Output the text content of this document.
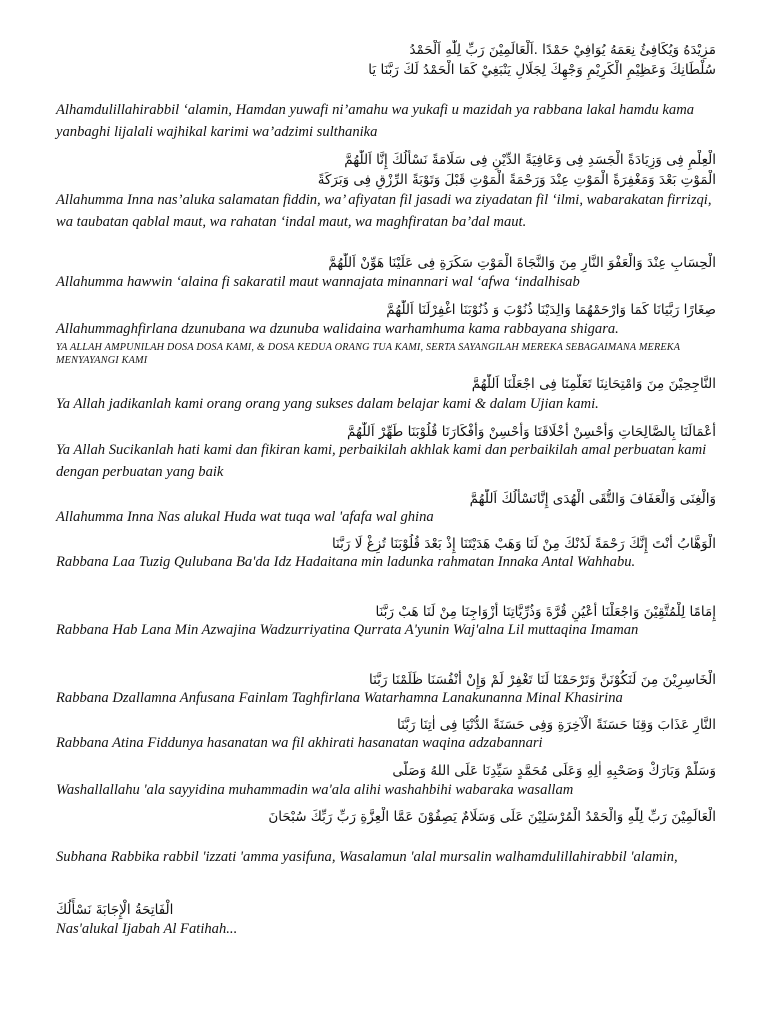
مَزِيْدَهُ وَيُكَافِئُ نِعَمَهُ يُوَافِيْ حَمْدًا .اَلْعَالَمِيْنَ رَبِّ لِلّٰهِ اَلْحَمْدُ

سُلْطَانِكَ وَعَظِيْمِ الْكَرِيْمِ وَجْهِكَ لِجَلَالِ يَنْبَغِيْ كَمَا الْحَمْدُ لَكَ رَبَّنَا يَا

Alhamdulillahirabbil ‘alamin, Hamdan yuwafi ni’amahu wa yukafi u mazidah ya rabbana lakal hamdu kama yanbaghi lijalali wajhikal karimi wa’adzimi sulthanika

الْعِلْمِ فِى وَزِيَادَةً الْجَسَدِ فِى وَعَافِيَةً الدِّيْنِ فِى سَلَامَةً نَسْأَلُكَ إِنَّا اَللّٰهُمَّ

الْمَوْتِ بَعْدَ وَمَغْفِرَةً الْمَوْتِ عِنْدَ وَرَحْمَةً الْمَوْتِ قَبْلَ وَتَوْبَةً الرِّزْقِ فِى وَبَرَكَةً

Allahumma Inna nas’aluka salamatan fiddin, wa’ afiyatan fil jasadi wa ziyadatan fil ‘ilmi, wabarakatan firrizqi, wa taubatan qablal maut, wa rahatan ‘indal maut, wa maghfiratan ba’dal maut.

الْحِسَابِ عِنْدَ وَالْعَفْوَ النَّارِ مِنَ وَالنَّجَاةَ الْمَوْتِ سَكَرَةِ فِى عَلَيْنَا هَوِّنْ اَللّٰهُمَّ

Allahumma hawwin ‘alaina fi sakaratil maut wannajata minannari wal ‘afwa ‘indalhisab

صِغَارًا رَبَّيَانَا كَمَا وَارْحَمْهُمَا وَالِدَيْنَا ذُنُوْبَ وَ ذُنُوْبَنَا اغْفِرْلَنَا اَللّٰهُمَّ

Allahummaghfirlana dzunubana wa dzunuba walidaina warhamhuma kama rabbayana shigara.

YA ALLAH AMPUNILAH DOSA DOSA KAMI, & DOSA KEDUA ORANG TUA KAMI, SERTA SAYANGILAH MEREKA SEBAGAIMANA MEREKA MENYAYANGI KAMI

النَّاجِحِيْنَ مِنَ وَامْتِحَانِنَا تَعَلُّمِنَا فِى اجْعَلْنَا اَللّٰهُمَّ

Ya Allah jadikanlah kami orang orang yang sukses dalam belajar kami & dalam Ujian kami.

أَعْمَالَنَا بِالصَّالِحَاتِ وَأَحْسِنْ أَخْلَاقَنَا وَأَحْسِنْ وَأَفْكَارَنَا قُلُوْبَنَا طَهِّرْ اَللّٰهُمَّ

Ya Allah Sucikanlah hati kami dan fikiran kami, perbaikilah akhlak kami dan perbaikilah amal perbuatan kami dengan perbuatan yang baik

وَالْغِنَى وَالْعَفَافَ وَالتُّقَى الْهُدَى إِنَّانَسْأَلُكَ اَللّٰهُمَّ

Allahumma Inna Nas alukal Huda wat tuqa wal 'afafa wal ghina

الْوَهَّابُ أَنْتَ إِنَّكَ رَحْمَةً لَدُنْكَ مِنْ لَنَا وَهَبْ هَدَيْتَنَا إِذْ بَعْدَ قُلُوْبَنَا تُزِغْ لَا رَبَّنَا

Rabbana Laa Tuzig Qulubana Ba'da Idz Hadaitana min ladunka rahmatan Innaka Antal Wahhabu.

إِمَامًا لِلْمُتَّقِيْنَ وَاجْعَلْنَا أَعْيُنٍ قُرَّةَ وَذُرِّيَّاتِنَا أَزْوَاجِنَا مِنْ لَنَا هَبْ رَبَّنَا

Rabbana Hab Lana Min Azwajina Wadzurriyatina Qurrata A'yunin Waj'alna Lil muttaqina Imaman

الْخَاسِرِيْنَ مِنَ لَنَكُوْنَنَّ وَتَرْحَمْنَا لَنَا تَغْفِرْ لَمْ وَإِنْ أَنْفُسَنَا ظَلَمْنَا رَبَّنَا

Rabbana Dzallamna Anfusana Fainlam Taghfirlana Watarhamna Lanakunanna Minal Khasirina

النَّارِ عَذَابَ وَقِنَا حَسَنَةً الْآخِرَةِ وَفِى حَسَنَةً الدُّنْيَا فِى اٰتِنَا رَبَّنَا

Rabbana Atina Fiddunya hasanatan wa fil akhirati hasanatan waqina adzabannari

وَسَلَّمْ وَبَارَكْ وَصَحْبِهِ اٰلِهِ وَعَلَى مُحَمَّدٍ سَيِّدِنَا عَلَى اللهُ وَصَلَّى

Washallallahu 'ala sayyidina muhammadin wa'ala alihi washahbihi wabaraka wasallam

الْعَالَمِيْنَ رَبِّ لِلّٰهِ وَالْحَمْدُ الْمُرْسَلِيْنَ عَلَى وَسَلَامٌ يَصِفُوْنَ عَمَّا الْعِزَّةِ رَبِّ رَبِّكَ سُبْحَانَ

Subhana Rabbika rabbil 'izzati 'amma yasifuna, Wasalamun 'alal mursalin walhamdulillahirabbil 'alamin,

الْفَاتِحَةُ الْإِجَابَةَ نَسْأَلُكَ

Nas'alukal Ijabah Al Fatihah...
